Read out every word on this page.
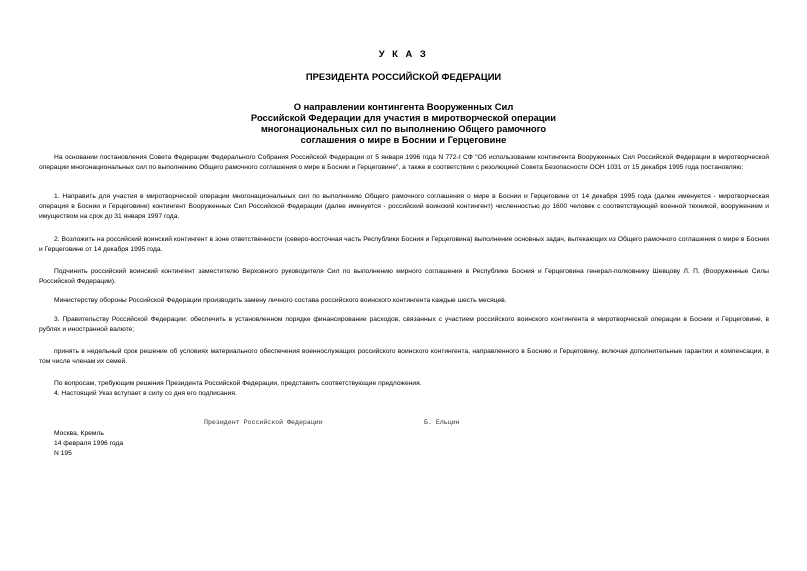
У К А З
ПРЕЗИДЕНТА РОССИЙСКОЙ ФЕДЕРАЦИИ
О направлении контингента Вооруженных Сил
Российской Федерации для участия в миротворческой операции
многонациональных сил по выполнению Общего рамочного
соглашения о мире в Боснии и Герцеговине
На основании постановления Совета Федерации Федерального Собрания Российской Федерации от 5 января 1996 года N 772-I СФ "Об использовании контингента Вооруженных Сил Российской Федерации в миротворческой операции многонациональных сил по выполнению Общего рамочного соглашения о мире в Боснии и Герцеговине", а также в соответствии с резолюцией Совета Безопасности ООН 1031 от 15 декабря 1995 года постановляю:
1. Направить для участия в миротворческой операции многонациональных сил по выполнению Общего рамочного соглашения о мире в Боснии и Герцеговине от 14 декабря 1995 года (далее именуется - миротворческая операция в Боснии и Герцеговине) контингент Вооруженных Сил Российской Федерации (далее именуется - российский воинский контингент) численностью до 1600 человек с соответствующей военной техникой, вооружением и имуществом на срок до 31 января 1997 года.
2. Возложить на российский воинский контингент в зоне ответственности (северо-восточная часть Республики Босния и Герцеговина) выполнение основных задач, вытекающих из Общего рамочного соглашения о мире в Боснии и Герцеговине от 14 декабря 1995 года.
Подчинить российский воинский контингент заместителю Верховного руководителя Сил по выполнению мирного соглашения в Республике Босния и Герцеговина генерал-полковнику Шевцову Л. П. (Вооруженные Силы Российской Федерации).
Министерству обороны Российской Федерации производить замену личного состава российского воинского контингента каждые шесть месяцев.
3. Правительству Российской Федерации: обеспечить в установленном порядке финансирование расходов, связанных с участием российского воинского контингента в миротворческой операции в Боснии и Герцеговине, в рублях и иностранной валюте;
принять в недельный срок решение об условиях материального обеспечения военнослужащих российского воинского контингента, направленного в Боснию и Герцеговину, включая дополнительные гарантии и компенсации, в том числе членам их семей.
По вопросам, требующим решения Президента Российской Федерации, представить соответствующие предложения.
4. Настоящий Указ вступает в силу со дня его подписания.
Президент Российской Федерации	Б. Ельцин
Москва, Кремль
14 февраля 1996 года
N 195
